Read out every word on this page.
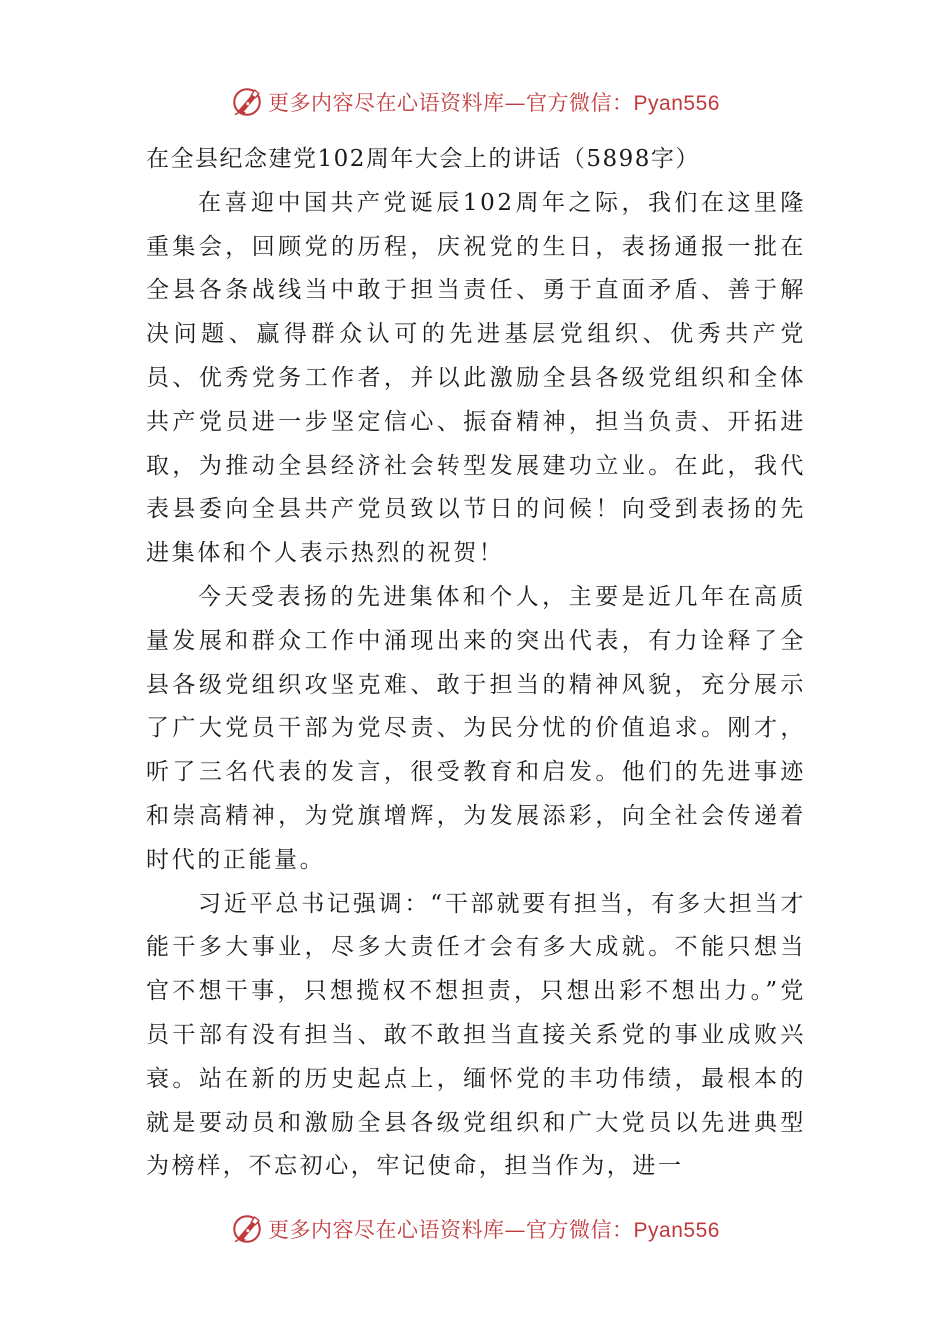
更多内容尽在心语资料库—官方微信：Pyan556
在全县纪念建党102周年大会上的讲话（5898字）

在喜迎中国共产党诞辰102周年之际，我们在这里隆重集会，回顾党的历程，庆祝党的生日，表扬通报一批在全县各条战线当中敢于担当责任、勇于直面矛盾、善于解决问题、赢得群众认可的先进基层党组织、优秀共产党员、优秀党务工作者，并以此激励全县各级党组织和全体共产党员进一步坚定信心、振奋精神，担当负责、开拓进取，为推动全县经济社会转型发展建功立业。在此，我代表县委向全县共产党员致以节日的问候！向受到表扬的先进集体和个人表示热烈的祝贺！

今天受表扬的先进集体和个人，主要是近几年在高质量发展和群众工作中涌现出来的突出代表，有力诠释了全县各级党组织攻坚克难、敢于担当的精神风貌，充分展示了广大党员干部为党尽责、为民分忧的价值追求。刚才，听了三名代表的发言，很受教育和启发。他们的先进事迹和崇高精神，为党旗增辉，为发展添彩，向全社会传递着时代的正能量。

习近平总书记强调：“干部就要有担当，有多大担当才能干多大事业，尽多大责任才会有多大成就。不能只想当官不想干事，只想揽权不想担责，只想出彩不想出力。”党员干部有没有担当、敢不敢担当直接关系党的事业成败兴衰。站在新的历史起点上，缅怀党的丰功伟绩，最根本的就是要动员和激励全县各级党组织和广大党员以先进典型为榜样，不忘初心，牢记使命，担当作为，进一

更多内容尽在心语资料库—官方微信：Pyan556
